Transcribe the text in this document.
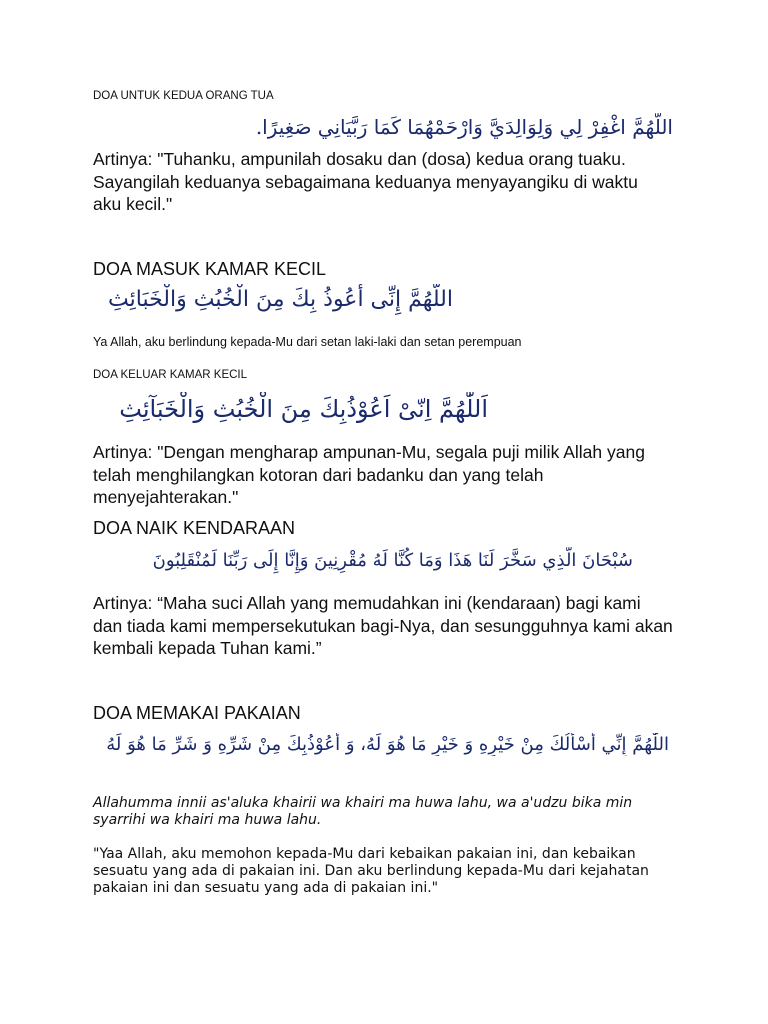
DOA UNTUK KEDUA ORANG TUA

اللَّهُمَّ اغْفِرْ لِي وَلِوَالِدَيَّ وَارْحَمْهُمَا كَمَا رَبَّيَانِي صَغِيرًا.

Artinya: "Tuhanku, ampunilah dosaku dan (dosa) kedua orang tuaku. Sayangilah keduanya sebagaimana keduanya menyayangiku di waktu aku kecil."

DOA MASUK KAMAR KECIL

اللَّهُمَّ إِنِّى أَعُوذُ بِكَ مِنَ الْخُبُثِ وَالْخَبَائِثِ

Ya Allah, aku berlindung kepada-Mu dari setan laki-laki dan setan perempuan

DOA KELUAR KAMAR KECIL

اَللّٰهُمَّ اِنّىْ اَعُوْذُبِكَ مِنَ الْخُبُثِ وَالْخَبَآئِثِ

Artinya: "Dengan mengharap ampunan-Mu, segala puji milik Allah yang telah menghilangkan kotoran dari badanku dan yang telah menyejahterakan."

DOA NAIK KENDARAAN

سُبْحَانَ الَّذِي سَخَّرَ لَنَا هَذَا وَمَا كُنَّا لَهُ مُقْرِنِينَ وَإِنَّا إِلَى رَبِّنَا لَمُنْقَلِبُونَ

Artinya: “Maha suci Allah yang memudahkan ini (kendaraan) bagi kami dan tiada kami mempersekutukan bagi-Nya, dan sesungguhnya kami akan kembali kepada Tuhan kami.”

DOA MEMAKAI PAKAIAN

اللّٰهُمَّ إِنِّي أَسْأَلُكَ مِنْ خَيْرِهِ وَ خَيْرِ مَا هُوَ لَهُ، وَ أَعُوْذُبِكَ مِنْ شَرِّهِ وَ شَرِّ مَا هُوَ لَهُ

Allahumma innii as'aluka khairii wa khairi ma huwa lahu, wa a'udzu bika min syarrihi wa khairi ma huwa lahu.

"Yaa Allah, aku memohon kepada-Mu dari kebaikan pakaian ini, dan kebaikan sesuatu yang ada di pakaian ini. Dan aku berlindung kepada-Mu dari kejahatan pakaian ini dan sesuatu yang ada di pakaian ini."
